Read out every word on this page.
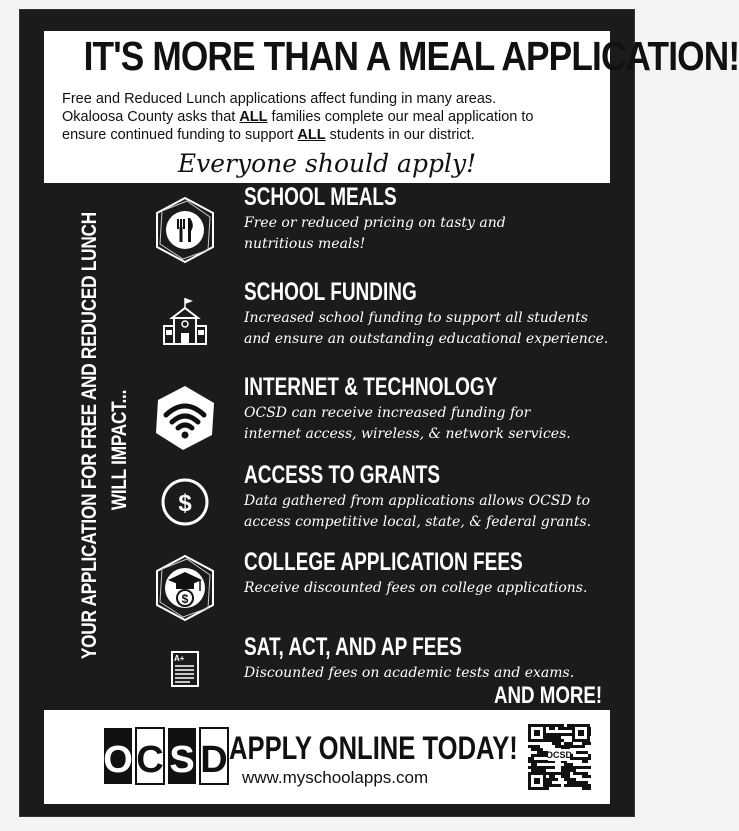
IT'S MORE THAN A MEAL APPLICATION!
Free and Reduced Lunch applications affect funding in many areas.
Okaloosa County asks that ALL families complete our meal application to
ensure continued funding to support ALL students in our district.
Everyone should apply!
YOUR APPLICATION FOR FREE AND REDUCED LUNCH WILL IMPACT...
SCHOOL MEALS
Free or reduced pricing on tasty and
nutritious meals!
SCHOOL FUNDING
Increased school funding to support all students
and ensure an outstanding educational experience.
INTERNET & TECHNOLOGY
OCSD can receive increased funding for
internet access, wireless, & network services.
$
ACCESS TO GRANTS
Data gathered from applications allows OCSD to
access competitive local, state, & federal grants.
$
COLLEGE APPLICATION FEES
Receive discounted fees on college applications.
A+ SAT, ACT, AND AP FEES
Discounted fees on academic tests and exams.
AND MORE!
O C S D APPLY ONLINE TODAY!
www.myschoolapps.com
OCSD
